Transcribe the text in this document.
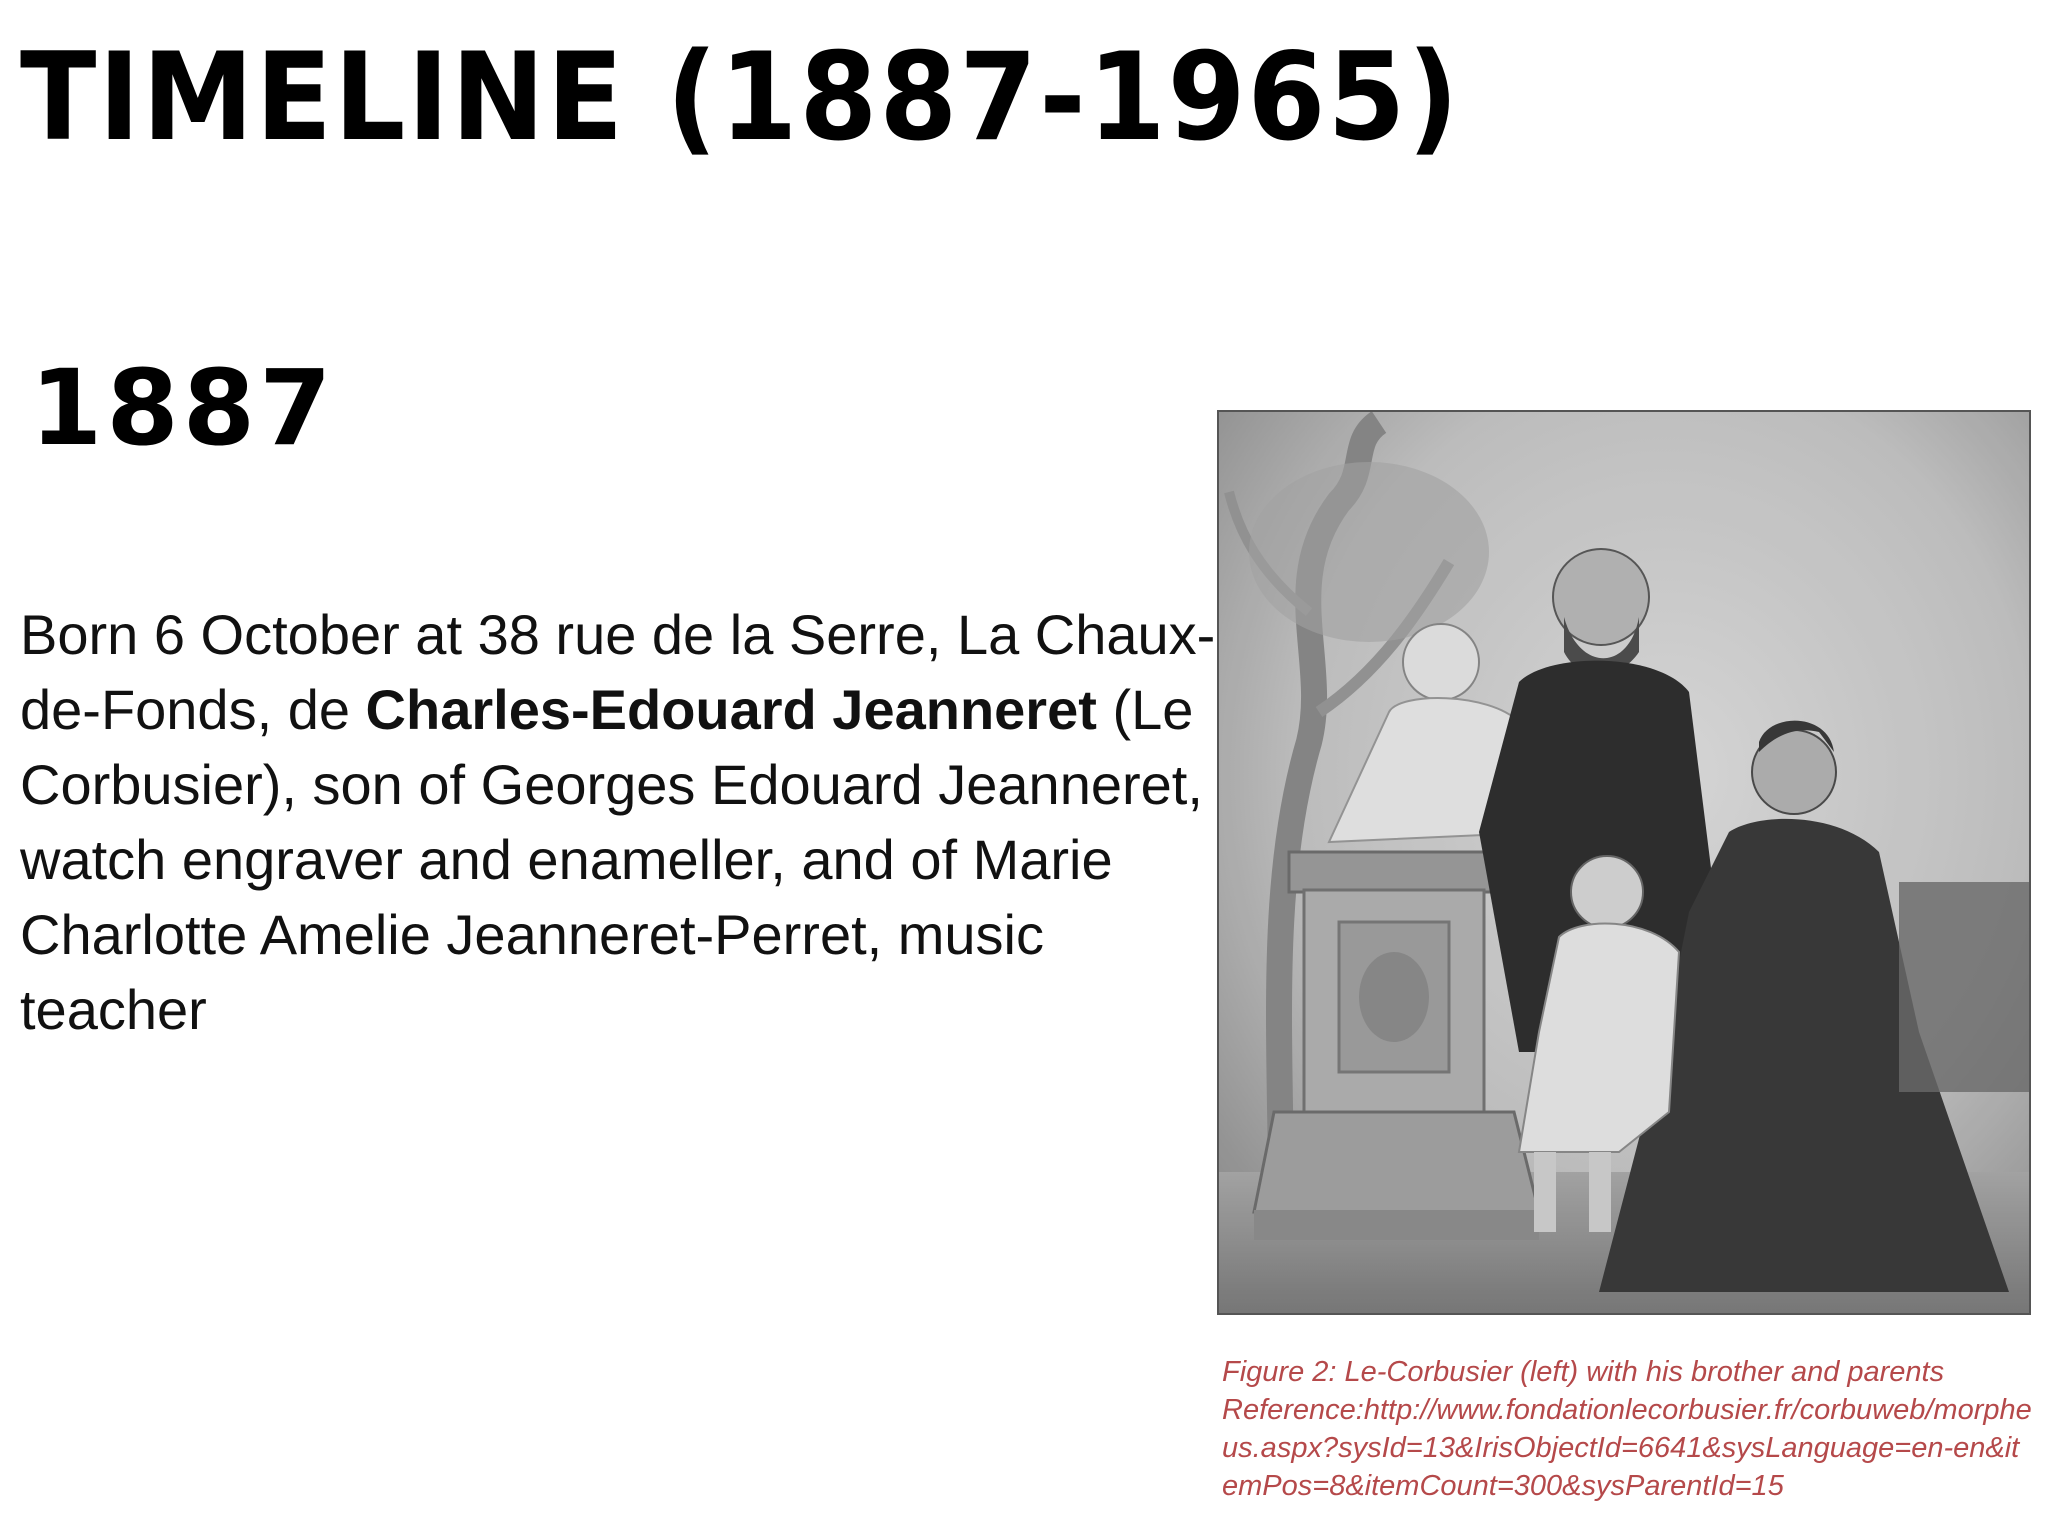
TIMELINE (1887-1965)
1887

Born 6 October at 38 rue de la Serre, La Chaux-de-Fonds, de Charles-Edouard Jeanneret (Le Corbusier), son of Georges Edouard Jeanneret, watch engraver and enameller, and of Marie Charlotte Amelie Jeanneret-Perret, music teacher

Figure 2: Le-Corbusier (left) with his brother and parents
Reference:http://www.fondationlecorbusier.fr/corbuweb/morpheus.aspx?sysId=13&IrisObjectId=6641&sysLanguage=en-en&itemPos=8&itemCount=300&sysParentId=15
